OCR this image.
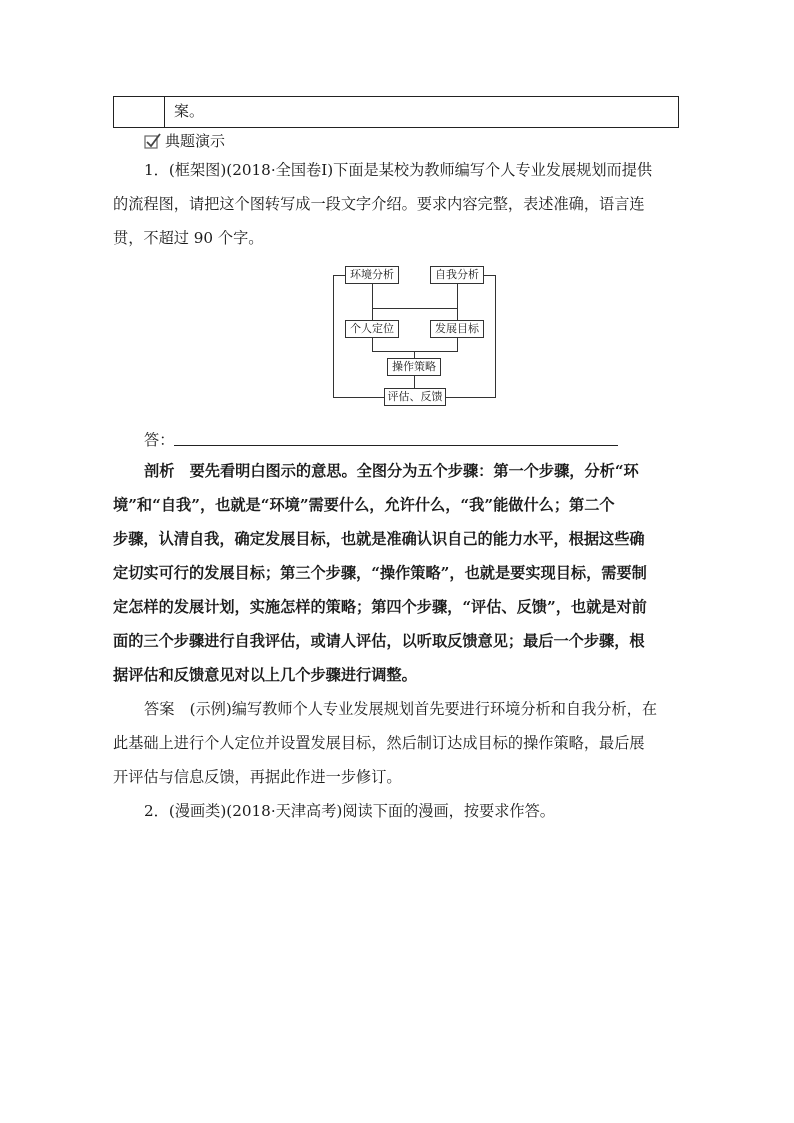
案。
典题演示
1．(框架图)(2018·全国卷Ⅰ)下面是某校为教师编写个人专业发展规划而提供
的流程图，请把这个图转写成一段文字介绍。要求内容完整，表述准确，语言连
贯，不超过 90 个字。
环境分析	自我分析
个人定位	发展目标
操作策略
评估、反馈
答：
剖析　要先看明白图示的意思。全图分为五个步骤：第一个步骤，分析“环
境”和“自我”，也就是“环境”需要什么，允许什么，“我”能做什么；第二个
步骤，认清自我，确定发展目标，也就是准确认识自己的能力水平，根据这些确
定切实可行的发展目标；第三个步骤，“操作策略”，也就是要实现目标，需要制
定怎样的发展计划，实施怎样的策略；第四个步骤，“评估、反馈”，也就是对前
面的三个步骤进行自我评估，或请人评估，以听取反馈意见；最后一个步骤，根
据评估和反馈意见对以上几个步骤进行调整。
答案　(示例)编写教师个人专业发展规划首先要进行环境分析和自我分析，在
此基础上进行个人定位并设置发展目标，然后制订达成目标的操作策略，最后展
开评估与信息反馈，再据此作进一步修订。
2．(漫画类)(2018·天津高考)阅读下面的漫画，按要求作答。
